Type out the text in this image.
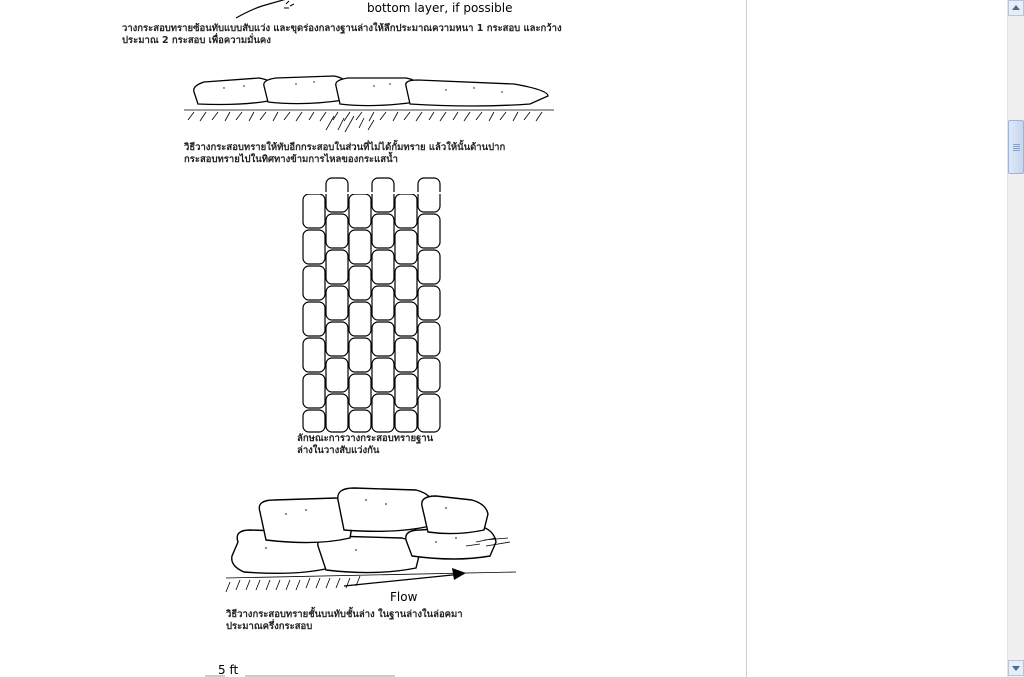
bottom layer, if possible
วางกระสอบทรายซ้อนทับแบบสับแว่ง และขุดร่องกลางฐานล่างให้ลึกประมาณความหนา 1 กระสอบ และกว้าง
ประมาณ 2 กระสอบ เพื่อความมั่นคง
วิธีวางกระสอบทรายให้ทับอีกกระสอบในส่วนที่ไม่ได้กั้มทราย แล้วให้นั้นด้านปาก
กระสอบทรายไปในทิศทางข้ามการไหลของกระแสน้ำ
ลักษณะการวางกระสอบทรายฐาน
ล่างในวางสับแว่งกัน
Flow
วิธีวางกระสอบทรายชั้นบนทับชั้นล่าง ในฐานล่างในล่อคมา
ประมาณครึ่งกระสอบ
5 ft
